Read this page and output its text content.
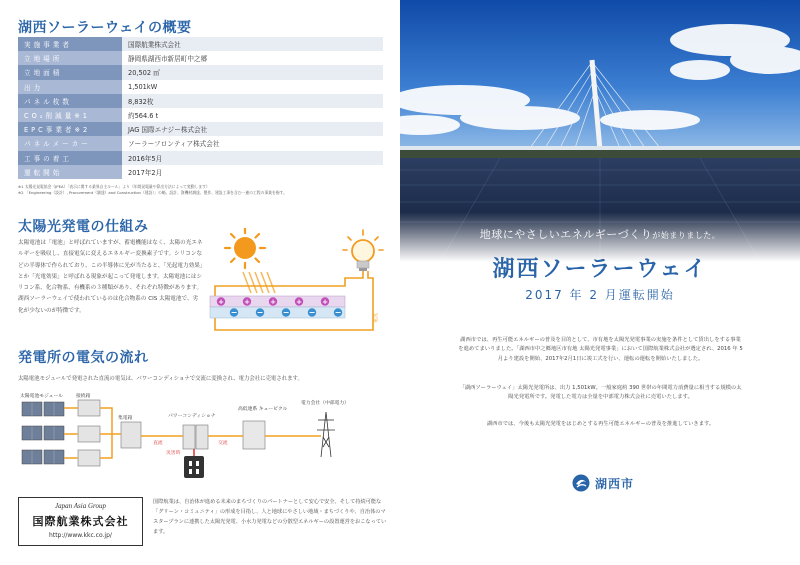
湖西ソーラーウェイの概要
実施事業者	国際航業株式会社
立地場所	静岡県湖西市新居町中之郷
立地面積	20,502 ㎡
出力	1,501kW
パネル枚数	8,832枚
CO₂削減量※1	約564.6 t
EPC事業者※2	JAG 国際エナジー株式会社
パネルメーカー	ソーラーフロンティア株式会社
工事の着工	2016年5月
運転開始	2017年2月
※1 太陽光発電協会（JPEA）「表示に関する業界自主ルール」より（年間発電量や算出方法によって変動します）
※2 「Engineering（設計）, Procurement（調達）and Construction（建設）」の略。設計、資機材調達、製作、建設工事を含む一連の工程の事業を指す。
太陽光発電の仕組み
太陽電池は「電池」と呼ばれていますが、蓄電機能はなく、太陽の光エネルギーを吸収し、直接電気に変えるエネルギー変換素子です。シリコンなどの半導体で作られており、この半導体に光が当たると、「光起電力効果」とか「光電効果」と呼ばれる現象が起こって発電します。太陽電池にはシリコン系、化合物系、有機系の３種類があり、それぞれ特徴があります。湖西ソーラーウェイで使われているのは化合物系の CIS 太陽電池で、劣化が少ないのが特徴です。
+	+	+	+	+
− − − − −
電流
発電所の電気の流れ
太陽電池モジュールで発電された直流の電気は、パワーコンディショナで交流に変換され、電力会社に売電されます。
太陽電池モジュール	接続箱
集電箱	パワーコンディショナ
高低連系 キュービクル
電力会社（中部電力）
直流	交流
災害時
Japan Asia Group
国際航業株式会社
http://www.kkc.co.jp/
国際航業は、自治体が進める未来のまちづくりのパートナーとして安心で安全、そして持続可能な「グリーン・コミュニティ」の形成を目指し、人と地球にやさしい地域・まちづくりや、自治体のマスタープランに連携した太陽光発電、小水力発電などの分散型エネルギーの設置運営をおこなっています。
地球にやさしいエネルギーづくりが始まりました。
湖西ソーラーウェイ
2017 年 2 月運転開始
湖西市では、再生可能エネルギーの普及を目的として、市有地を太陽光発電事業の実施を条件として賃出しをする事業を進めてまいりました。「湖西市中之郷地区市有地 太陽光発電事業」において国際航業株式会社が選定され、2016 年 5 月より建設を開始、2017年2月1日に竣工式を行い、運転の運転を開始いたしました。
「湖西ソーラーウェイ」太陽光発電所は、出力 1,501kW。一般家庭約 390 世帯の年間電力消費量に相当する規模の太陽光発電所です。発電した電力は全量を中部電力株式会社に売電いたします。
湖西市では、今後も太陽光発電をはじめとする再生可能エネルギーの普及を推進していきます。
湖西市
